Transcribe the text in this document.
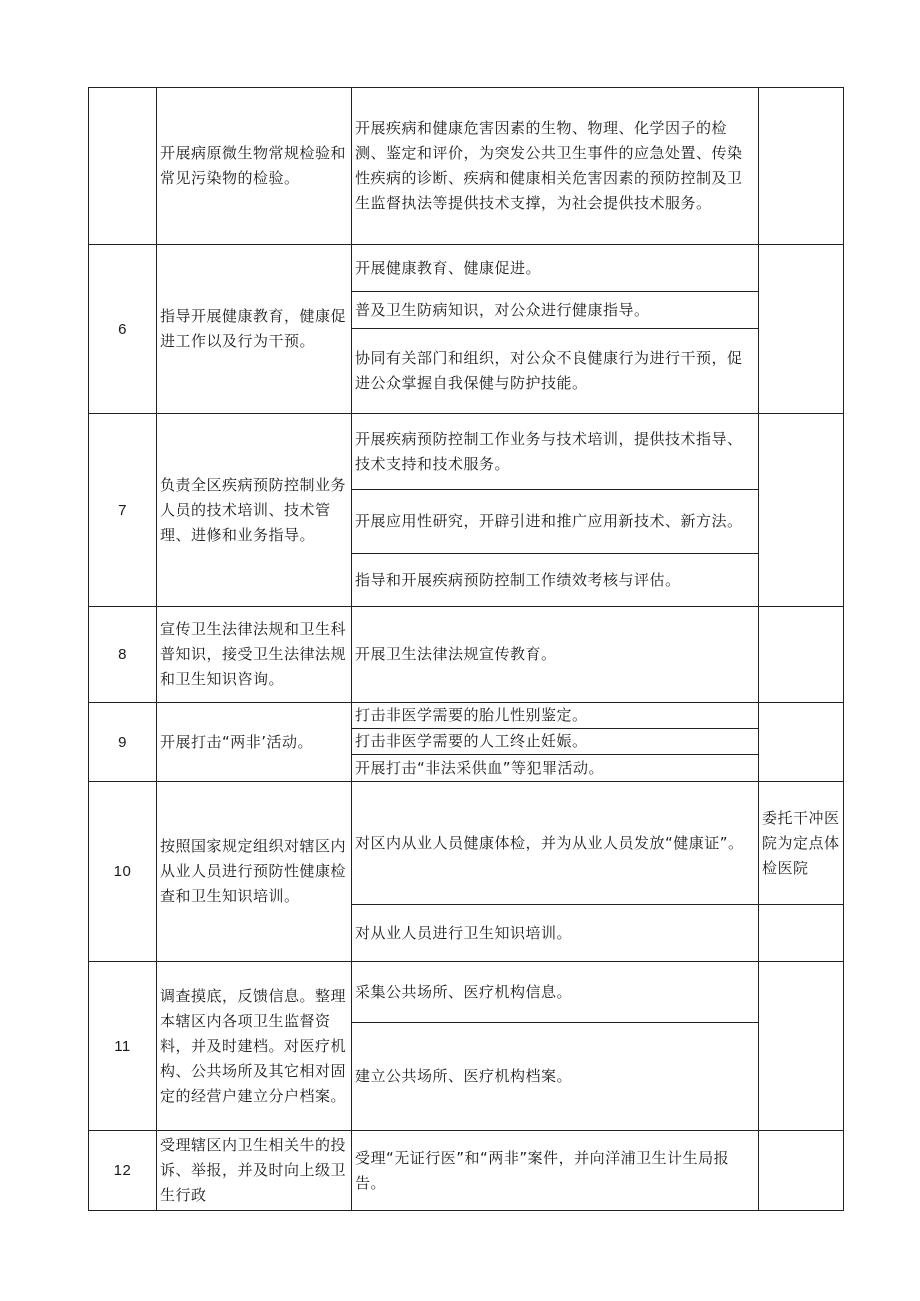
	开展病原微生物常规检验和常见污染物的检验。	开展疾病和健康危害因素的生物、物理、化学因子的检测、鉴定和评价，为突发公共卫生事件的应急处置、传染性疾病的诊断、疾病和健康相关危害因素的预防控制及卫生监督执法等提供技术支撑，为社会提供技术服务。	
6	指导开展健康教育，健康促进工作以及行为干预。	开展健康教育、健康促进。	
		普及卫生防病知识，对公众进行健康指导。	
		协同有关部门和组织，对公众不良健康行为进行干预，促进公众掌握自我保健与防护技能。	
7	负责全区疾病预防控制业务人员的技术培训、技术管理、进修和业务指导。	开展疾病预防控制工作业务与技术培训，提供技术指导、技术支持和技术服务。	
		开展应用性研究，开辟引进和推广应用新技术、新方法。	
		指导和开展疾病预防控制工作绩效考核与评估。	
8	宣传卫生法律法规和卫生科普知识，接受卫生法律法规和卫生知识咨询。	开展卫生法律法规宣传教育。	
9	开展打击“两非’活动。	打击非医学需要的胎儿性别鉴定。	
		打击非医学需要的人工终止妊娠。	
		开展打击“非法采供血”等犯罪活动。	
10	按照国家规定组织对辖区内从业人员进行预防性健康检查和卫生知识培训。	对区内从业人员健康体检，并为从业人员发放“健康证”。	委托干冲医院为定点体检医院
		对从业人员进行卫生知识培训。	
11	调查摸底，反馈信息。整理本辖区内各项卫生监督资料，并及时建档。对医疗机构、公共场所及其它相对固定的经营户建立分户档案。	采集公共场所、医疗机构信息。	
		建立公共场所、医疗机构档案。	
12	受理辖区内卫生相关牛的投诉、举报，并及时向上级卫生行政	受理“无证行医”和“两非”案件，并向洋浦卫生计生局报告。	
